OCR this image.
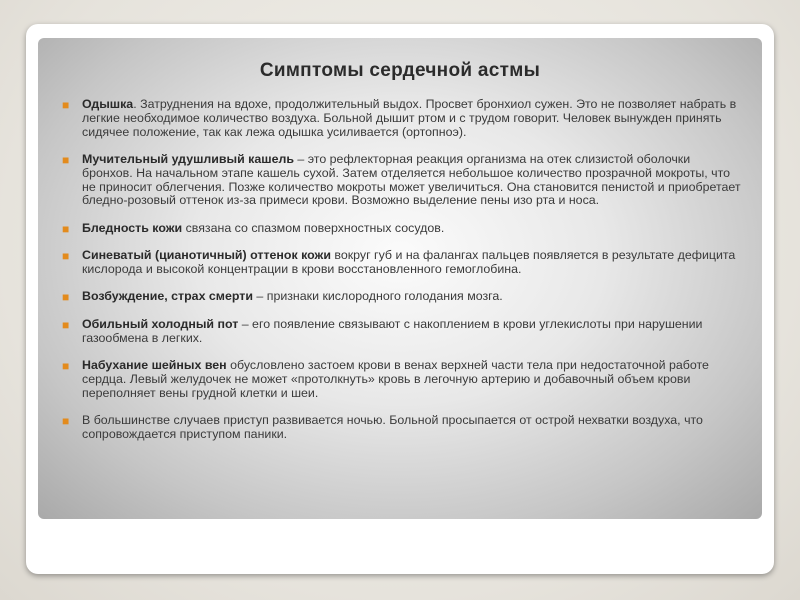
Симптомы сердечной астмы
■ Одышка. Затруднения на вдохе, продолжительный выдох. Просвет бронхиол сужен. Это не позволяет набрать в легкие необходимое количество воздуха. Больной дышит ртом и с трудом говорит. Человек вынужден принять сидячее положение, так как лежа одышка усиливается (ортопноэ).
■ Мучительный удушливый кашель – это рефлекторная реакция организма на отек слизистой оболочки бронхов. На начальном этапе кашель сухой. Затем отделяется небольшое количество прозрачной мокроты, что не приносит облегчения. Позже количество мокроты может увеличиться. Она становится пенистой и приобретает бледно-розовый оттенок из-за примеси крови. Возможно выделение пены изо рта и носа.
■ Бледность кожи связана со спазмом поверхностных сосудов.
■ Синеватый (цианотичный) оттенок кожи вокруг губ и на фалангах пальцев появляется в результате дефицита кислорода и высокой концентрации в крови восстановленного гемоглобина.
■ Возбуждение, страх смерти – признаки кислородного голодания мозга.
■ Обильный холодный пот – его появление связывают с накоплением в крови углекислоты при нарушении газообмена в легких.
■ Набухание шейных вен обусловлено застоем крови в венах верхней части тела при недостаточной работе сердца. Левый желудочек не может «протолкнуть» кровь в легочную артерию и добавочный объем крови переполняет вены грудной клетки и шеи.
■ В большинстве случаев приступ развивается ночью. Больной просыпается от острой нехватки воздуха, что сопровождается приступом паники.
